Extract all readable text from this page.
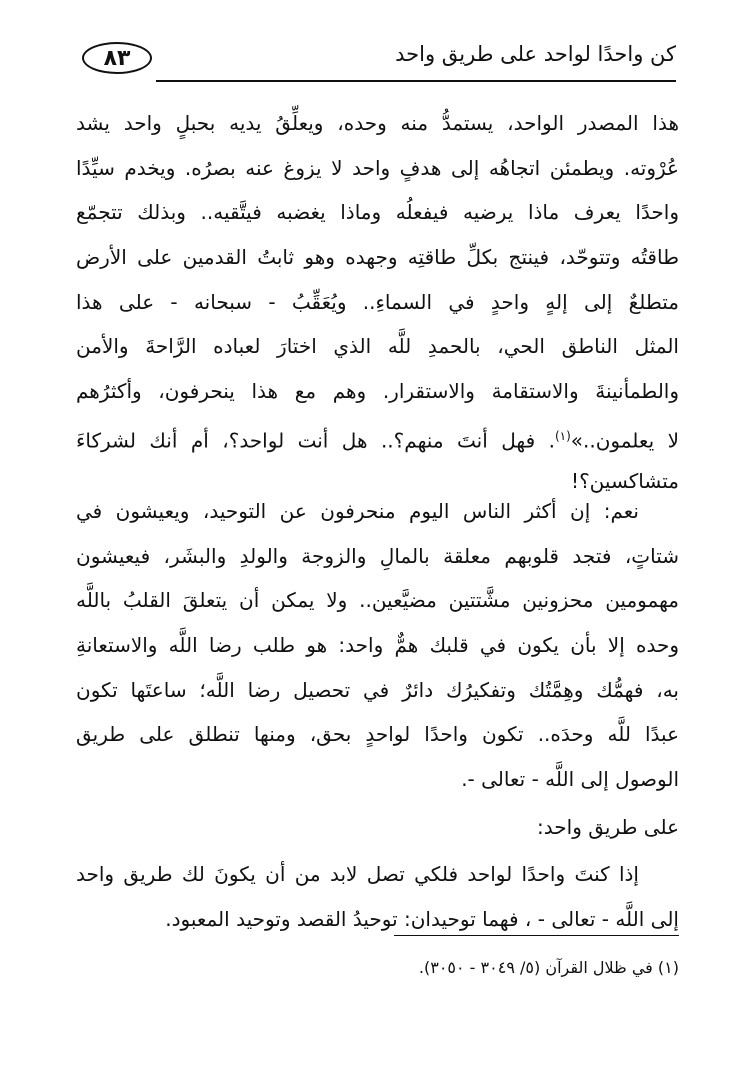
٨٣	كن واحدًا لواحد على طريق واحد
هذا المصدر الواحد، يستمدُّ منه وحده، ويعلِّقُ يديه بحبلٍ واحد يشد
عُرْوته. ويطمئن اتجاهُه إلى هدفٍ واحد لا يزوغ عنه بصرُه. ويخدم سيِّدًا
واحدًا يعرف ماذا يرضيه فيفعلُه وماذا يغضبه فيتَّقيه.. وبذلك تتجمّع
طاقتُه وتتوحّد، فينتج بكلِّ طاقتِه وجهده وهو ثابتُ القدمين على الأرض
متطلعٌ إلى إلهٍ واحدٍ في السماءِ.. ويُعَقِّبُ - سبحانه - على هذا
المثل الناطق الحي، بالحمدِ للَّه الذي اختارَ لعباده الرَّاحةَ والأمن
والطمأنينةَ والاستقامة والاستقرار. وهم مع هذا ينحرفون، وأكثرُهم
لا يعلمون..»$^{(١)}$. فهل أنتَ منهم؟.. هل أنت لواحد؟، أم أنك لشركاءَ
متشاكسين؟!
نعم: إن أكثر الناس اليوم منحرفون عن التوحيد، ويعيشون في
شتاتٍ، فتجد قلوبهم معلقة بالمالِ والزوجة والولدِ والبشَر، فيعيشون
مهمومين محزونين مشَّتتين مضيَّعين.. ولا يمكن أن يتعلقَ القلبُ باللَّه
وحده إلا بأن يكون في قلبك همٌّ واحد: هو طلب رضا اللَّه والاستعانةِ
به، فهمُّك وهِمَّتُك وتفكيرُك دائرٌ في تحصيل رضا اللَّه؛ ساعتَها تكون
عبدًا للَّه وحدَه.. تكون واحدًا لواحدٍ بحق، ومنها تنطلق على طريق
الوصول إلى اللَّه - تعالى -.
على طريق واحد:
إذا كنتَ واحدًا لواحد فلكي تصل لابد من أن يكونَ لك طريق واحد
إلى اللَّه - تعالى - ، فهما توحيدان: توحيدُ القصد وتوحيد المعبود.
(١) في ظلال القرآن (٥/ ٣٠٤٩ - ٣٠٥٠).
